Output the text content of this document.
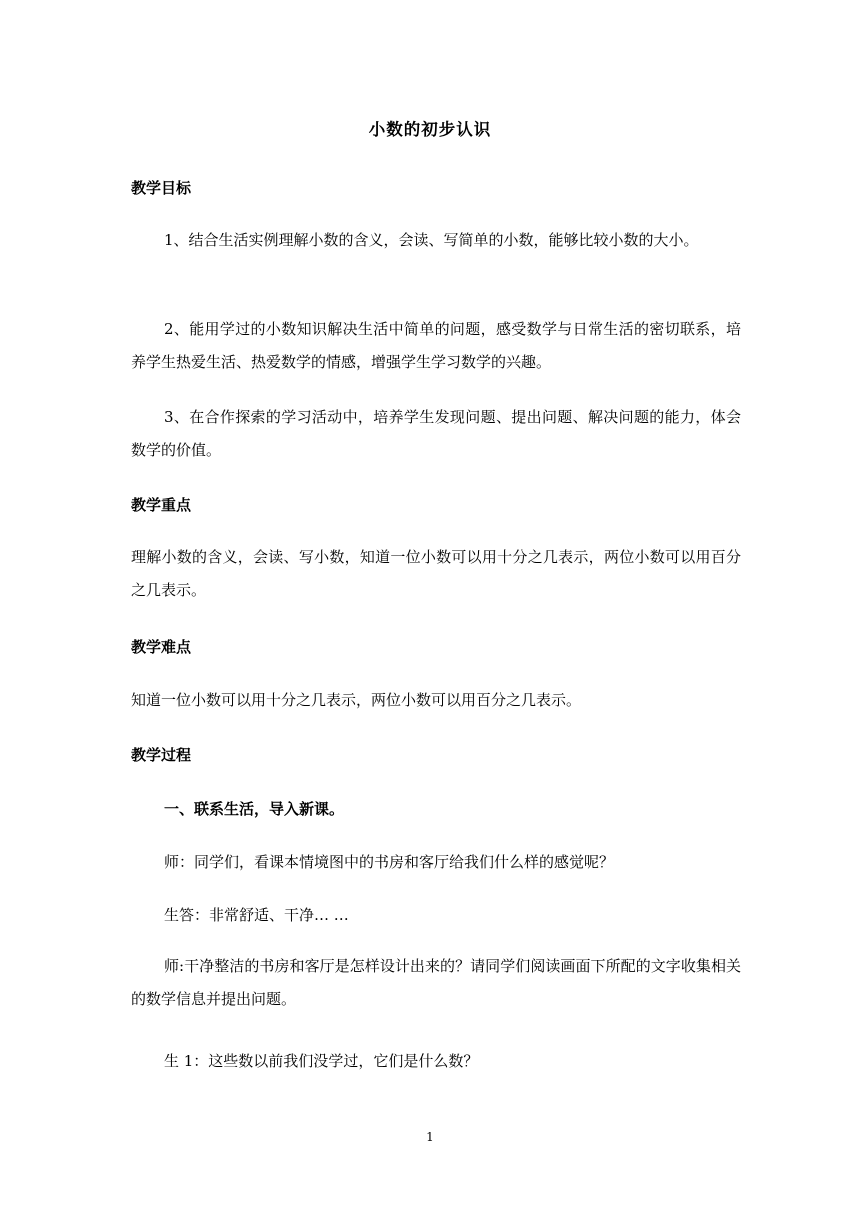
小数的初步认识
教学目标
1、结合生活实例理解小数的含义，会读、写简单的小数，能够比较小数的大小。
2、能用学过的小数知识解决生活中简单的问题，感受数学与日常生活的密切联系，培养学生热爱生活、热爱数学的情感，增强学生学习数学的兴趣。
3、在合作探索的学习活动中，培养学生发现问题、提出问题、解决问题的能力，体会数学的价值。
教学重点
理解小数的含义，会读、写小数，知道一位小数可以用十分之几表示，两位小数可以用百分之几表示。
教学难点
知道一位小数可以用十分之几表示，两位小数可以用百分之几表示。
教学过程
一、联系生活，导入新课。
师：同学们，看课本情境图中的书房和客厅给我们什么样的感觉呢？
生答：非常舒适、干净… …
师:干净整洁的书房和客厅是怎样设计出来的？请同学们阅读画面下所配的文字收集相关的数学信息并提出问题。
生 1：这些数以前我们没学过，它们是什么数？
1
